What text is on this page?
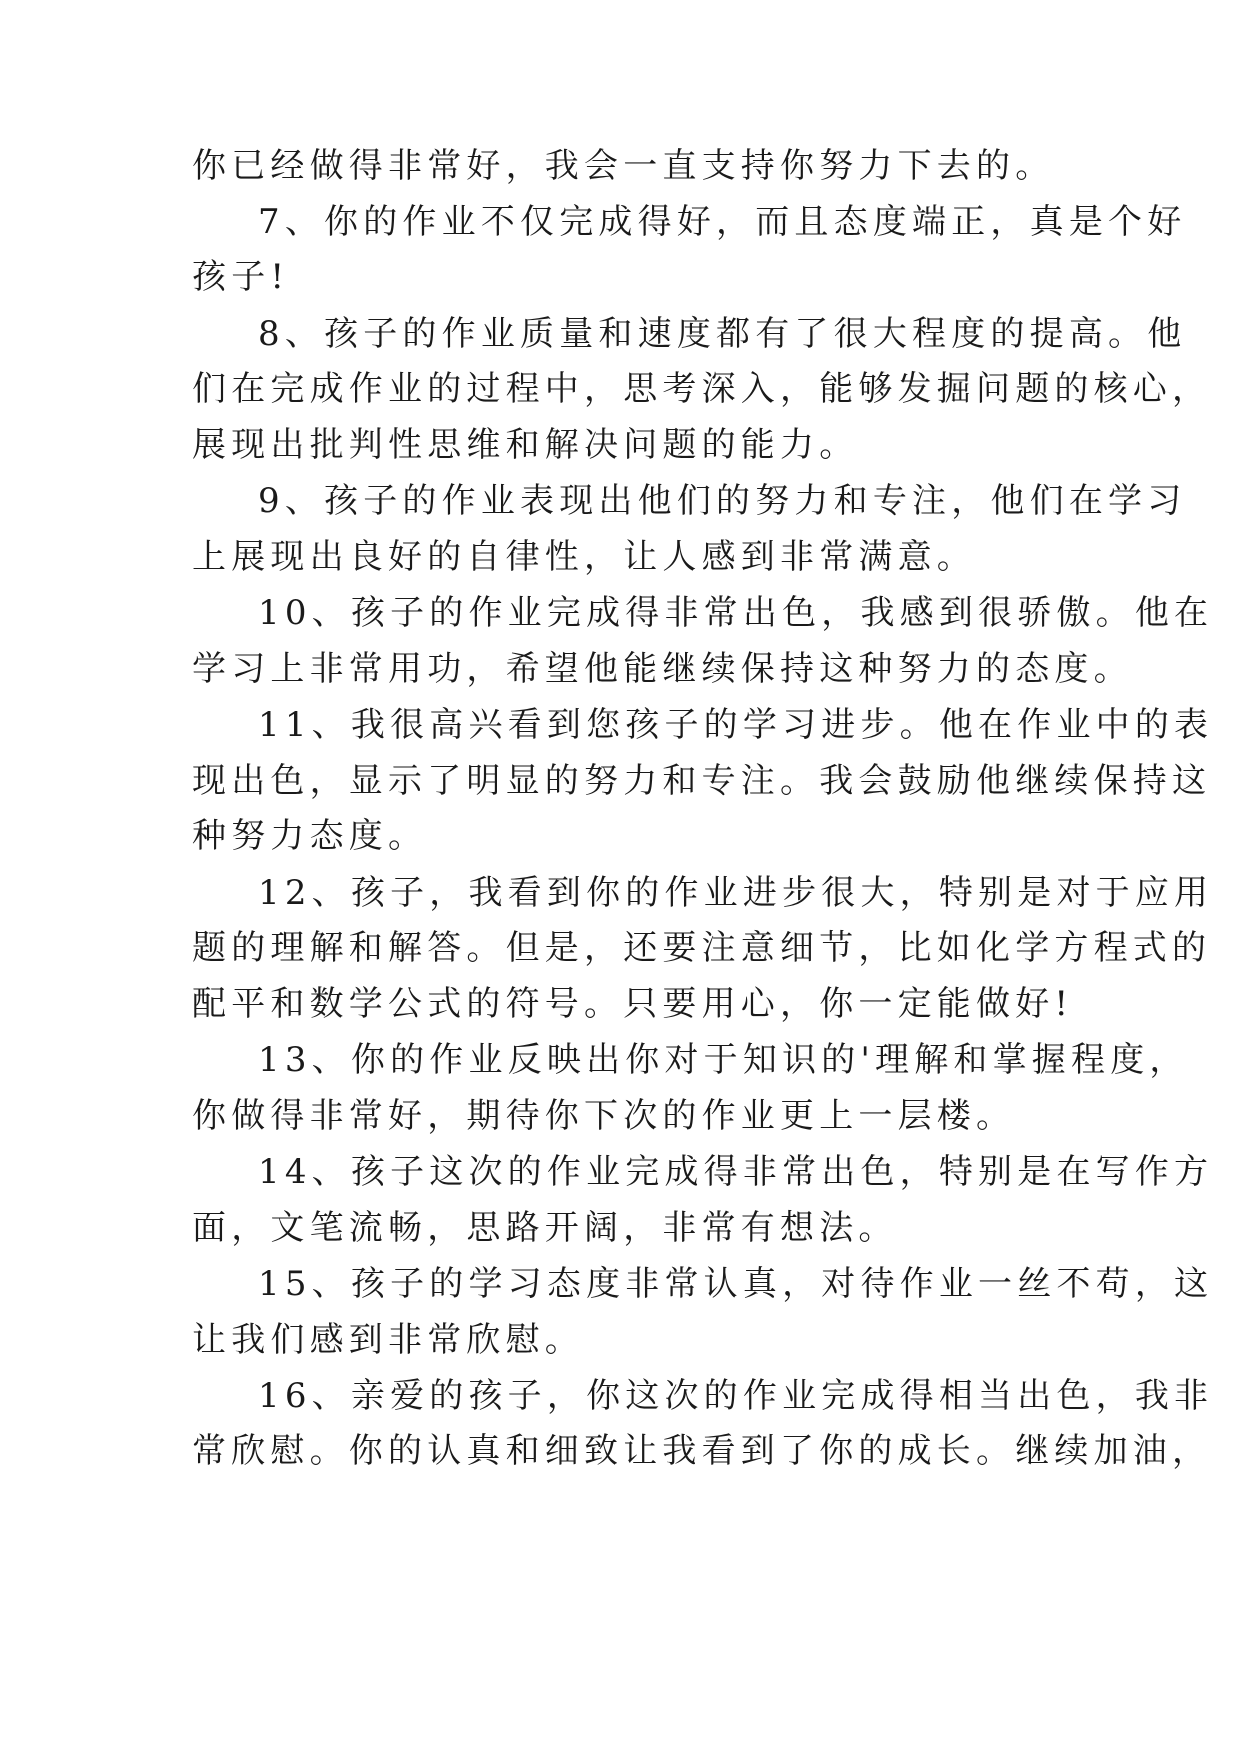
你已经做得非常好，我会一直支持你努力下去的。

7、你的作业不仅完成得好，而且态度端正，真是个好

孩子!

8、孩子的作业质量和速度都有了很大程度的提高。他

们在完成作业的过程中，思考深入，能够发掘问题的核心，

展现出批判性思维和解决问题的能力。

9、孩子的作业表现出他们的努力和专注，他们在学习

上展现出良好的自律性，让人感到非常满意。

10、孩子的作业完成得非常出色，我感到很骄傲。他在

学习上非常用功，希望他能继续保持这种努力的态度。

11、我很高兴看到您孩子的学习进步。他在作业中的表

现出色，显示了明显的努力和专注。我会鼓励他继续保持这

种努力态度。

12、孩子，我看到你的作业进步很大，特别是对于应用

题的理解和解答。但是，还要注意细节，比如化学方程式的

配平和数学公式的符号。只要用心，你一定能做好!

13、你的作业反映出你对于知识的'理解和掌握程度，

你做得非常好，期待你下次的作业更上一层楼。

14、孩子这次的作业完成得非常出色，特别是在写作方

面，文笔流畅，思路开阔，非常有想法。

15、孩子的学习态度非常认真，对待作业一丝不苟，这

让我们感到非常欣慰。

16、亲爱的孩子，你这次的作业完成得相当出色，我非

常欣慰。你的认真和细致让我看到了你的成长。继续加油，
